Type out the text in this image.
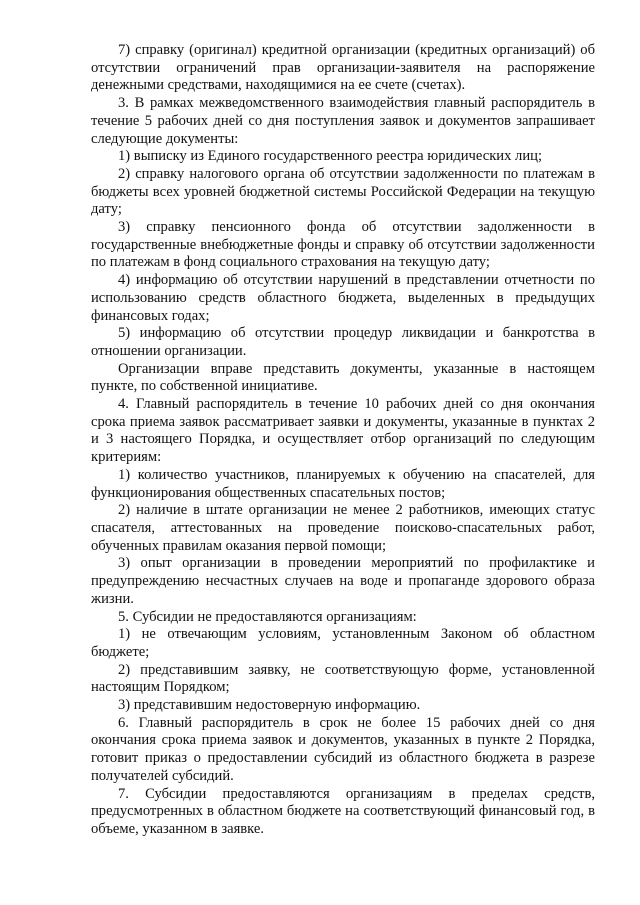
7) справку (оригинал) кредитной организации (кредитных организаций) об отсутствии ограничений прав организации-заявителя на распоряжение денежными средствами, находящимися на ее счете (счетах).

3. В рамках межведомственного взаимодействия главный распорядитель в течение 5 рабочих дней со дня поступления заявок и документов запрашивает следующие документы:

1) выписку из Единого государственного реестра юридических лиц;

2) справку налогового органа об отсутствии задолженности по платежам в бюджеты всех уровней бюджетной системы Российской Федерации на текущую дату;

3) справку пенсионного фонда об отсутствии задолженности в государственные внебюджетные фонды и справку об отсутствии задолженности по платежам в фонд социального страхования на текущую дату;

4) информацию об отсутствии нарушений в представлении отчетности по использованию средств областного бюджета, выделенных в предыдущих финансовых годах;

5) информацию об отсутствии процедур ликвидации и банкротства в отношении организации.

Организации вправе представить документы, указанные в настоящем пункте, по собственной инициативе.

4. Главный распорядитель в течение 10 рабочих дней со дня окончания срока приема заявок рассматривает заявки и документы, указанные в пунктах 2 и 3 настоящего Порядка, и осуществляет отбор организаций по следующим критериям:

1) количество участников, планируемых к обучению на спасателей, для функционирования общественных спасательных постов;

2) наличие в штате организации не менее 2 работников, имеющих статус спасателя, аттестованных на проведение поисково-спасательных работ, обученных правилам оказания первой помощи;

3) опыт организации в проведении мероприятий по профилактике и предупреждению несчастных случаев на воде и пропаганде здорового образа жизни.

5. Субсидии не предоставляются организациям:

1) не отвечающим условиям, установленным Законом об областном бюджете;

2) представившим заявку, не соответствующую форме, установленной настоящим Порядком;

3) представившим недостоверную информацию.

6. Главный распорядитель в срок не более 15 рабочих дней со дня окончания срока приема заявок и документов, указанных в пункте 2 Порядка, готовит приказ о предоставлении субсидий из областного бюджета в разрезе получателей субсидий.

7. Субсидии предоставляются организациям в пределах средств, предусмотренных в областном бюджете на соответствующий финансовый год, в объеме, указанном в заявке.
